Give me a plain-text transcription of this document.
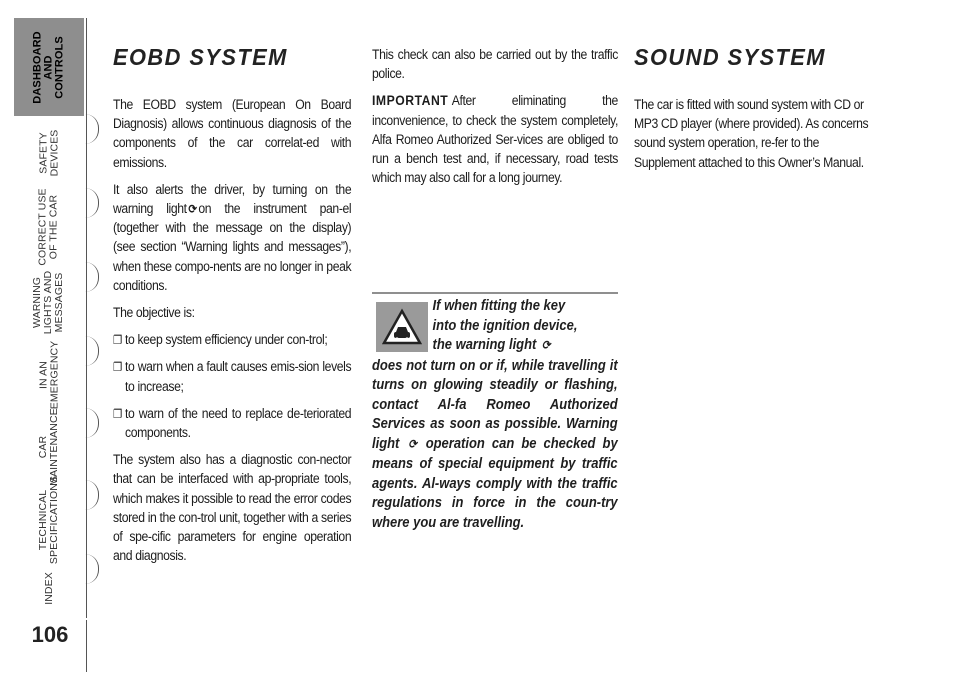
DASHBOARD
AND
CONTROLS
SAFETY
DEVICES
CORRECT USE
OF THE CAR
WARNING
LIGHTS AND
MESSAGES
IN AN
EMERGENCY
CAR
MAINTENANCE
TECHNICAL
SPECIFICATIONS
INDEX
106
EOBD SYSTEM

The EOBD system (European On Board Diagnosis) allows continuous diagnosis of the components of the car correlat-ed with emissions.

It also alerts the driver, by turning on the warning light ⟳ on the instrument pan-el (together with the message on the display) (see section “Warning lights and messages”), when these compo-nents are no longer in peak conditions.

The objective is:

❐ to keep system efficiency under con-trol;
❐ to warn when a fault causes emis-sion levels to increase;
❐ to warn of the need to replace de-teriorated components.

The system also has a diagnostic con-nector that can be interfaced with ap-propriate tools, which makes it possible to read the error codes stored in the con-trol unit, together with a series of spe-cific parameters for engine operation and diagnosis.

This check can also be carried out by the traffic police.

IMPORTANT After eliminating the inconvenience, to check the system completely, Alfa Romeo Authorized Ser-vices are obliged to run a bench test and, if necessary, road tests which may also call for a long journey.

If when fitting the key
into the ignition device,
the warning light ⟳
does not turn on or if, while travelling it turns on glowing steadily or flashing, contact Al-fa Romeo Authorized Services as soon as possible. Warning light ⟳ operation can be checked by means of special equipment by traffic agents. Al-ways comply with the traffic regulations in force in the coun-try where you are travelling.
SOUND SYSTEM

The car is fitted with sound system with CD or MP3 CD player (where provided). As concerns sound system operation, re-fer to the Supplement attached to this Owner’s Manual.
